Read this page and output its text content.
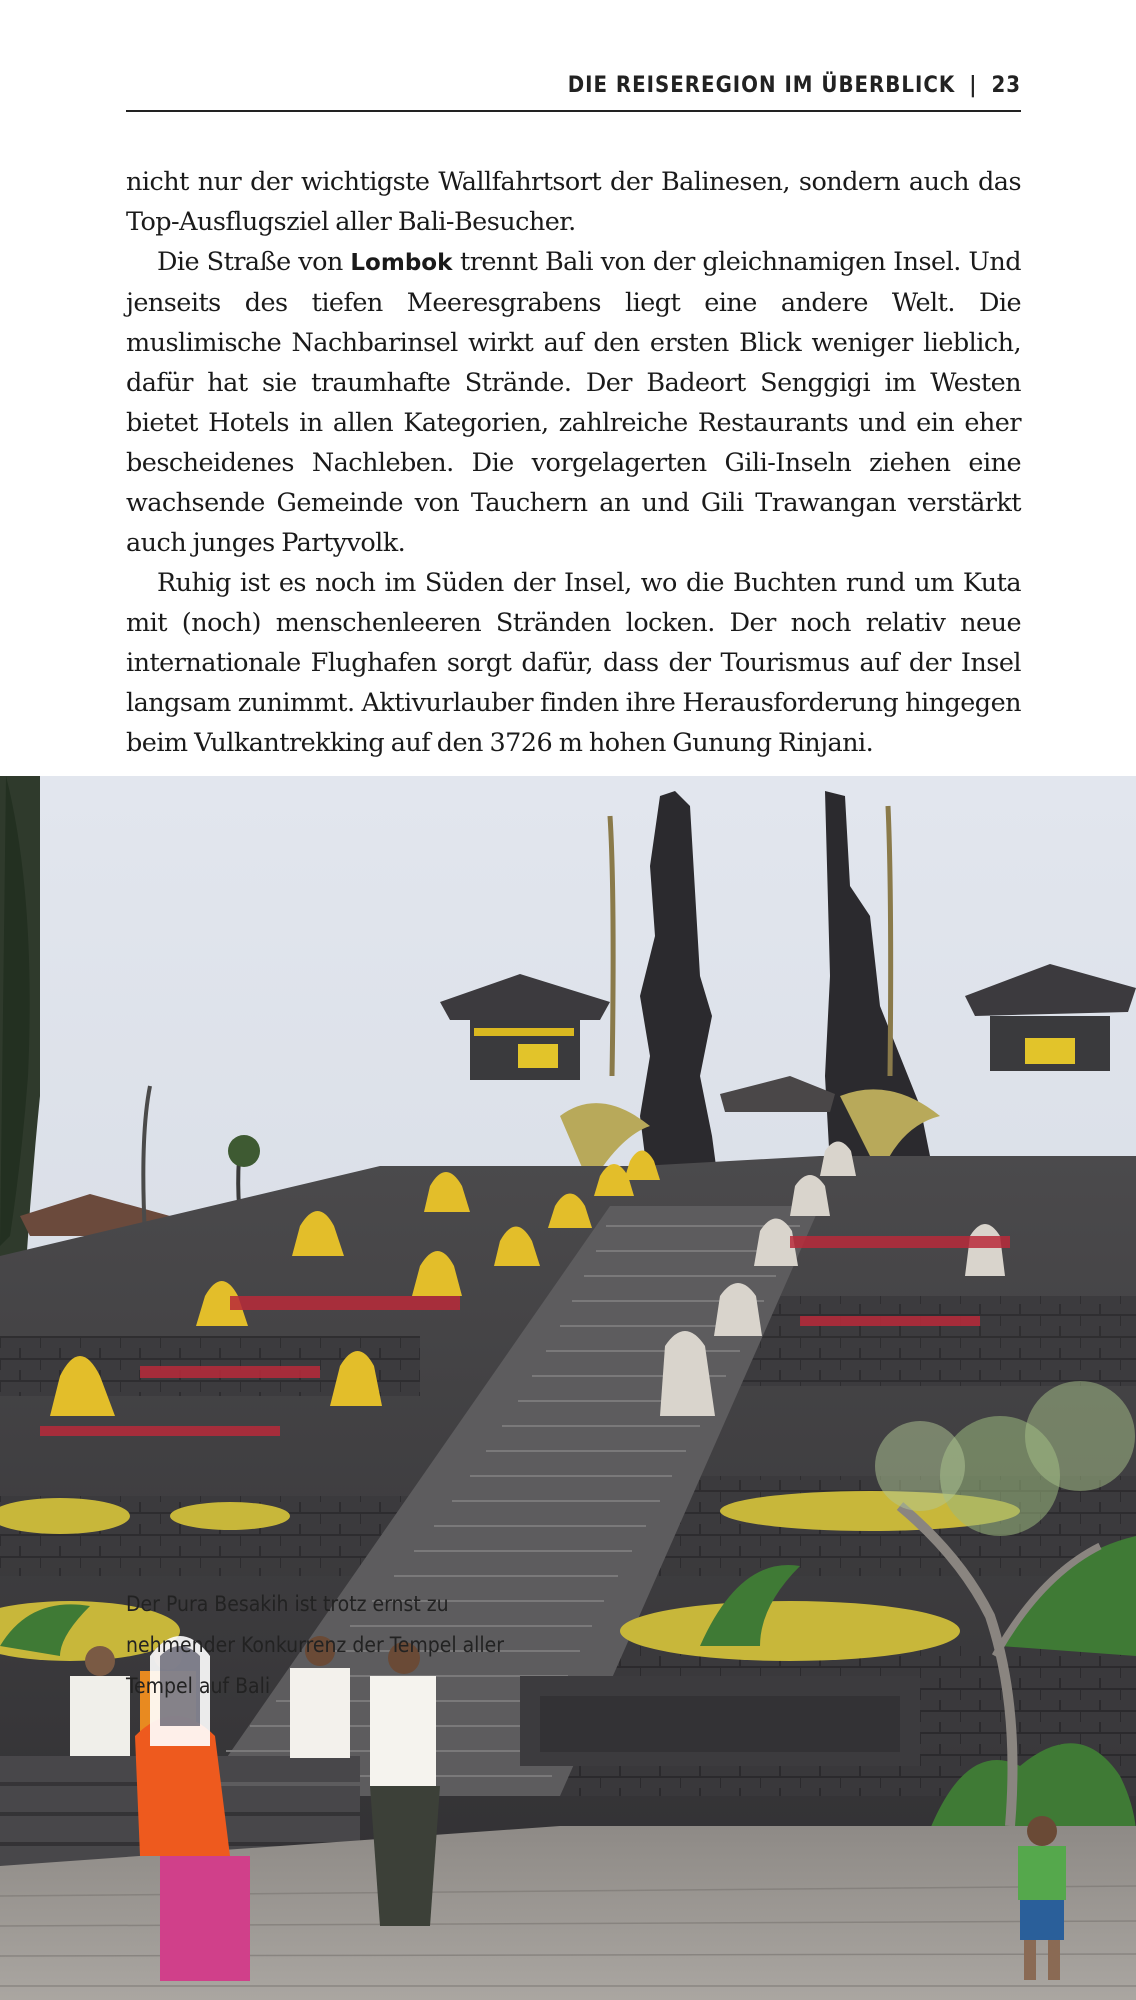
DIE REISEREGION IM ÜBERBLICK | 23

nicht nur der wichtigste Wallfahrtsort der Balinesen, sondern auch das Top-Ausflugsziel aller Bali-Besucher.

Die Straße von Lombok trennt Bali von der gleichnamigen Insel. Und jenseits des tiefen Meeresgrabens liegt eine andere Welt. Die muslimische Nachbarinsel wirkt auf den ersten Blick weniger lieblich, dafür hat sie traumhafte Strände. Der Badeort Senggigi im Westen bietet Hotels in allen Kategorien, zahlreiche Restaurants und ein eher bescheidenes Nachleben. Die vorgelagerten Gili-Inseln ziehen eine wachsende Gemeinde von Tauchern an und Gili Trawangan verstärkt auch junges Partyvolk.

Ruhig ist es noch im Süden der Insel, wo die Buchten rund um Kuta mit (noch) menschenleeren Stränden locken. Der noch relativ neue internationale Flughafen sorgt dafür, dass der Tourismus auf der Insel langsam zunimmt. Aktivurlauber finden ihre Herausforderung hingegen beim Vulkantrekking auf den 3726 m hohen Gunung Rinjani.

Der Pura Besakih ist trotz ernst zu
nehmender Konkurrenz der Tempel aller
Tempel auf Bali
